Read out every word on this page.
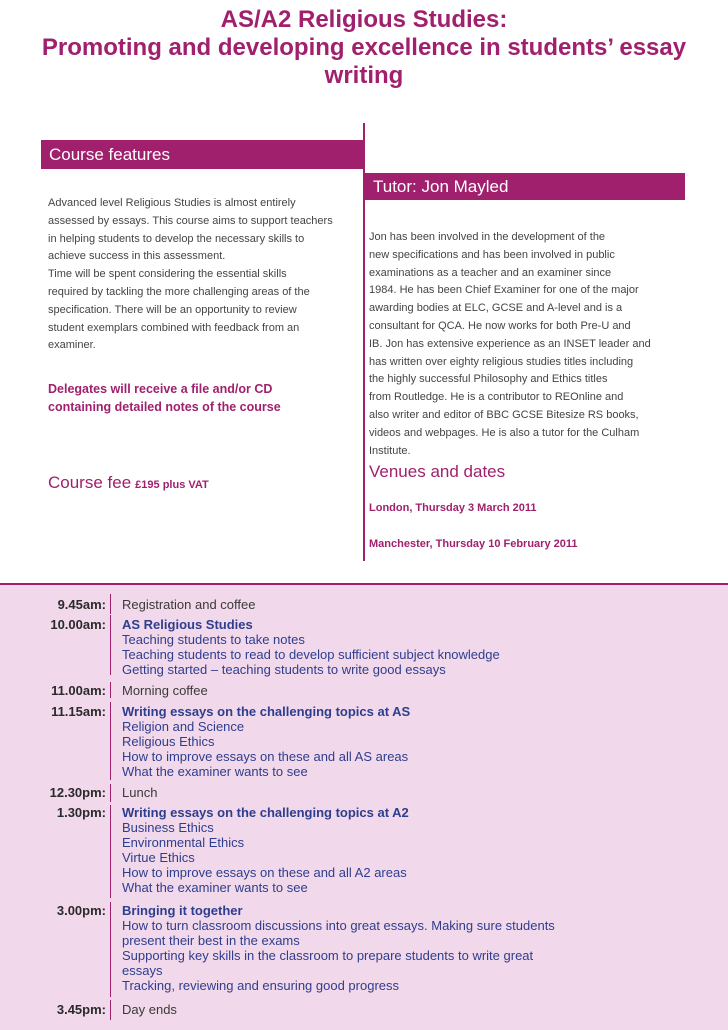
AS/A2 Religious Studies:
Promoting and developing excellence in students’ essay
writing
Course features

Advanced level Religious Studies is almost entirely

assessed by essays. This course aims to support teachers

in helping students to develop the necessary skills to

achieve success in this assessment.

Time will be spent considering the essential skills

required by tackling the more challenging areas of the

specification. There will be an opportunity to review

student exemplars combined with feedback from an

examiner.

Delegates will receive a file and/or CD

containing detailed notes of the course

Course fee £195 plus VAT
Tutor: Jon Mayled

Jon has been involved in the development of the

new specifications and has been involved in public

examinations as a teacher and an examiner since

1984. He has been Chief Examiner for one of the major

awarding bodies at ELC, GCSE and A-level and is a

consultant for QCA. He now works for both Pre-U and

IB. Jon has extensive experience as an INSET leader and

has written over eighty religious studies titles including

the highly successful Philosophy and Ethics titles

from Routledge. He is a contributor to REOnline and

also writer and editor of BBC GCSE Bitesize RS books,

videos and webpages. He is also a tutor for the Culham

Institute.

Venues and dates
London, Thursday 3 March 2011
Manchester, Thursday 10 February 2011
9.45am: Registration and coffee
10.00am: AS Religious Studies
Teaching students to take notes
Teaching students to read to develop sufficient subject knowledge
Getting started – teaching students to write good essays
11.00am: Morning coffee
11.15am: Writing essays on the challenging topics at AS
Religion and Science
Religious Ethics
How to improve essays on these and all AS areas
What the examiner wants to see
12.30pm: Lunch
1.30pm: Writing essays on the challenging topics at A2
Business Ethics
Environmental Ethics
Virtue Ethics
How to improve essays on these and all A2 areas
What the examiner wants to see
3.00pm: Bringing it together
How to turn classroom discussions into great essays. Making sure students
present their best in the exams
Supporting key skills in the classroom to prepare students to write great
essays
Tracking, reviewing and ensuring good progress
3.45pm: Day ends
